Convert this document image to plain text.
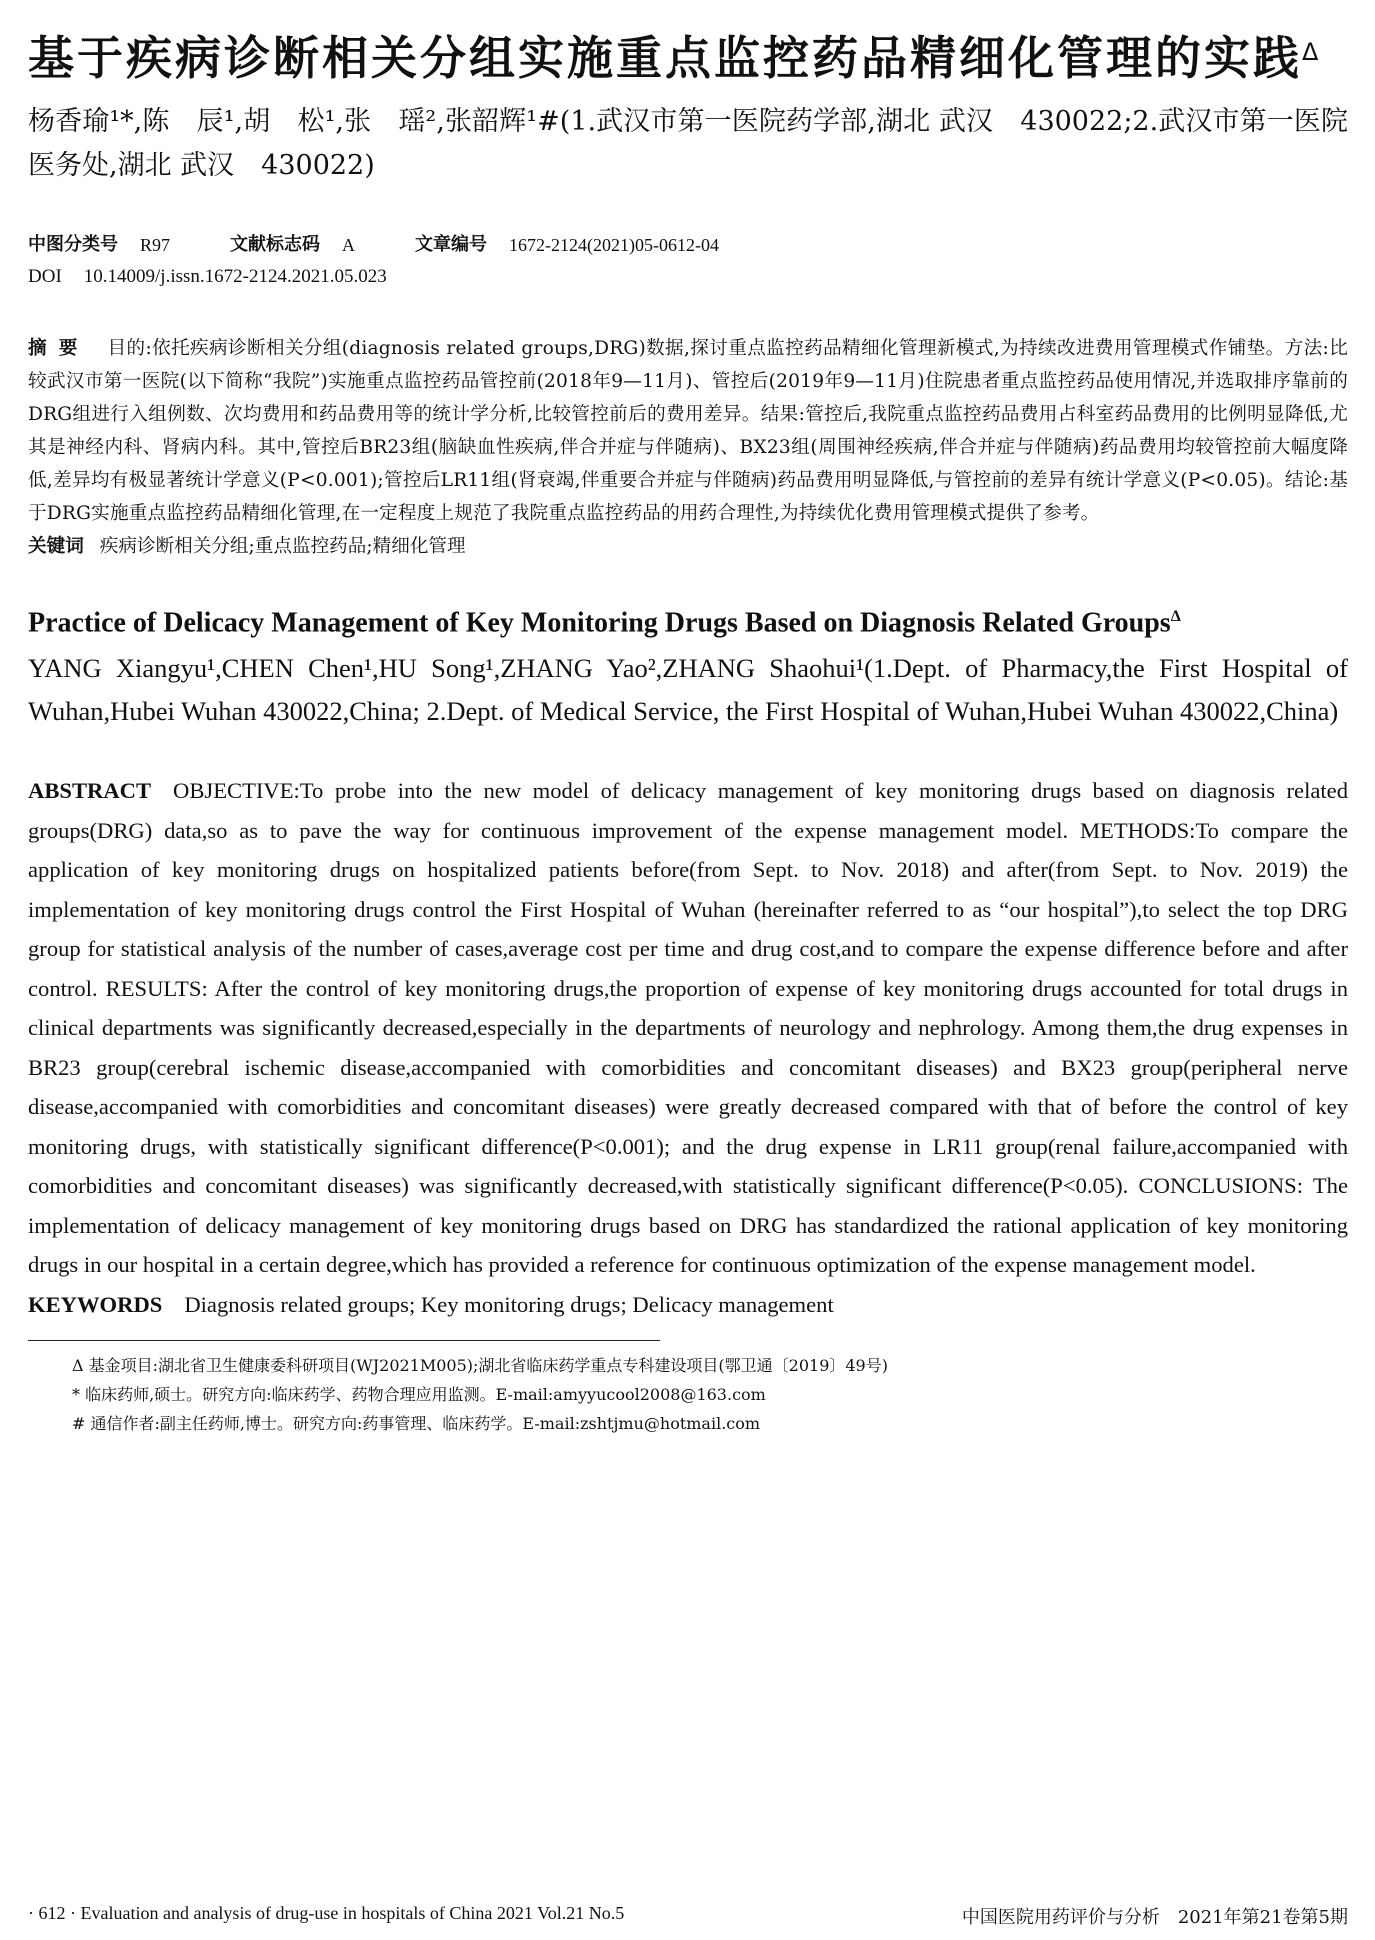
基于疾病诊断相关分组实施重点监控药品精细化管理的实践$^\Delta$

杨香瑜¹*,陈　辰¹,胡　松¹,张　瑶²,张韶辉¹#(1.武汉市第一医院药学部,湖北 武汉　430022;2.武汉市第一医院医务处,湖北 武汉　430022)

中图分类号 R97	文献标志码 A	文章编号 1672-2124(2021)05-0612-04
DOI 10.14009/j.issn.1672-2124.2021.05.023
摘要 目的:依托疾病诊断相关分组(diagnosis related groups,DRG)数据,探讨重点监控药品精细化管理新模式,为持续改进费用管理模式作铺垫。方法:比较武汉市第一医院(以下简称“我院”)实施重点监控药品管控前(2018年9—11月)、管控后(2019年9—11月)住院患者重点监控药品使用情况,并选取排序靠前的DRG组进行入组例数、次均费用和药品费用等的统计学分析,比较管控前后的费用差异。结果:管控后,我院重点监控药品费用占科室药品费用的比例明显降低,尤其是神经内科、肾病内科。其中,管控后BR23组(脑缺血性疾病,伴合并症与伴随病)、BX23组(周围神经疾病,伴合并症与伴随病)药品费用均较管控前大幅度降低,差异均有极显著统计学意义(P<0.001);管控后LR11组(肾衰竭,伴重要合并症与伴随病)药品费用明显降低,与管控前的差异有统计学意义(P<0.05)。结论:基于DRG实施重点监控药品精细化管理,在一定程度上规范了我院重点监控药品的用药合理性,为持续优化费用管理模式提供了参考。
关键词 疾病诊断相关分组;重点监控药品;精细化管理
Practice of Delicacy Management of Key Monitoring Drugs Based on Diagnosis Related Groups$^\Delta$

YANG Xiangyu¹,CHEN Chen¹,HU Song¹,ZHANG Yao²,ZHANG Shaohui¹(1.Dept. of Pharmacy,the First Hospital of Wuhan,Hubei Wuhan 430022,China; 2.Dept. of Medical Service, the First Hospital of Wuhan,Hubei Wuhan 430022,China)

ABSTRACT OBJECTIVE:To probe into the new model of delicacy management of key monitoring drugs based on diagnosis related groups(DRG) data,so as to pave the way for continuous improvement of the expense management model. METHODS:To compare the application of key monitoring drugs on hospitalized patients before(from Sept. to Nov. 2018) and after(from Sept. to Nov. 2019) the implementation of key monitoring drugs control the First Hospital of Wuhan (hereinafter referred to as “our hospital”),to select the top DRG group for statistical analysis of the number of cases,average cost per time and drug cost,and to compare the expense difference before and after control. RESULTS: After the control of key monitoring drugs,the proportion of expense of key monitoring drugs accounted for total drugs in clinical departments was significantly decreased,especially in the departments of neurology and nephrology. Among them,the drug expenses in BR23 group(cerebral ischemic disease,accompanied with comorbidities and concomitant diseases) and BX23 group(peripheral nerve disease,accompanied with comorbidities and concomitant diseases) were greatly decreased compared with that of before the control of key monitoring drugs, with statistically significant difference(P<0.001); and the drug expense in LR11 group(renal failure,accompanied with comorbidities and concomitant diseases) was significantly decreased,with statistically significant difference(P<0.05). CONCLUSIONS: The implementation of delicacy management of key monitoring drugs based on DRG has standardized the rational application of key monitoring drugs in our hospital in a certain degree,which has provided a reference for continuous optimization of the expense management model.
KEYWORDS Diagnosis related groups; Key monitoring drugs; Delicacy management
Δ 基金项目:湖北省卫生健康委科研项目(WJ2021M005);湖北省临床药学重点专科建设项目(鄂卫通〔2019〕49号)
* 临床药师,硕士。研究方向:临床药学、药物合理应用监测。E-mail:amyyucool2008@163.com
# 通信作者:副主任药师,博士。研究方向:药事管理、临床药学。E-mail:zshtjmu@hotmail.com
· 612 · Evaluation and analysis of drug-use in hospitals of China 2021 Vol.21 No.5	中国医院用药评价与分析　2021年第21卷第5期
